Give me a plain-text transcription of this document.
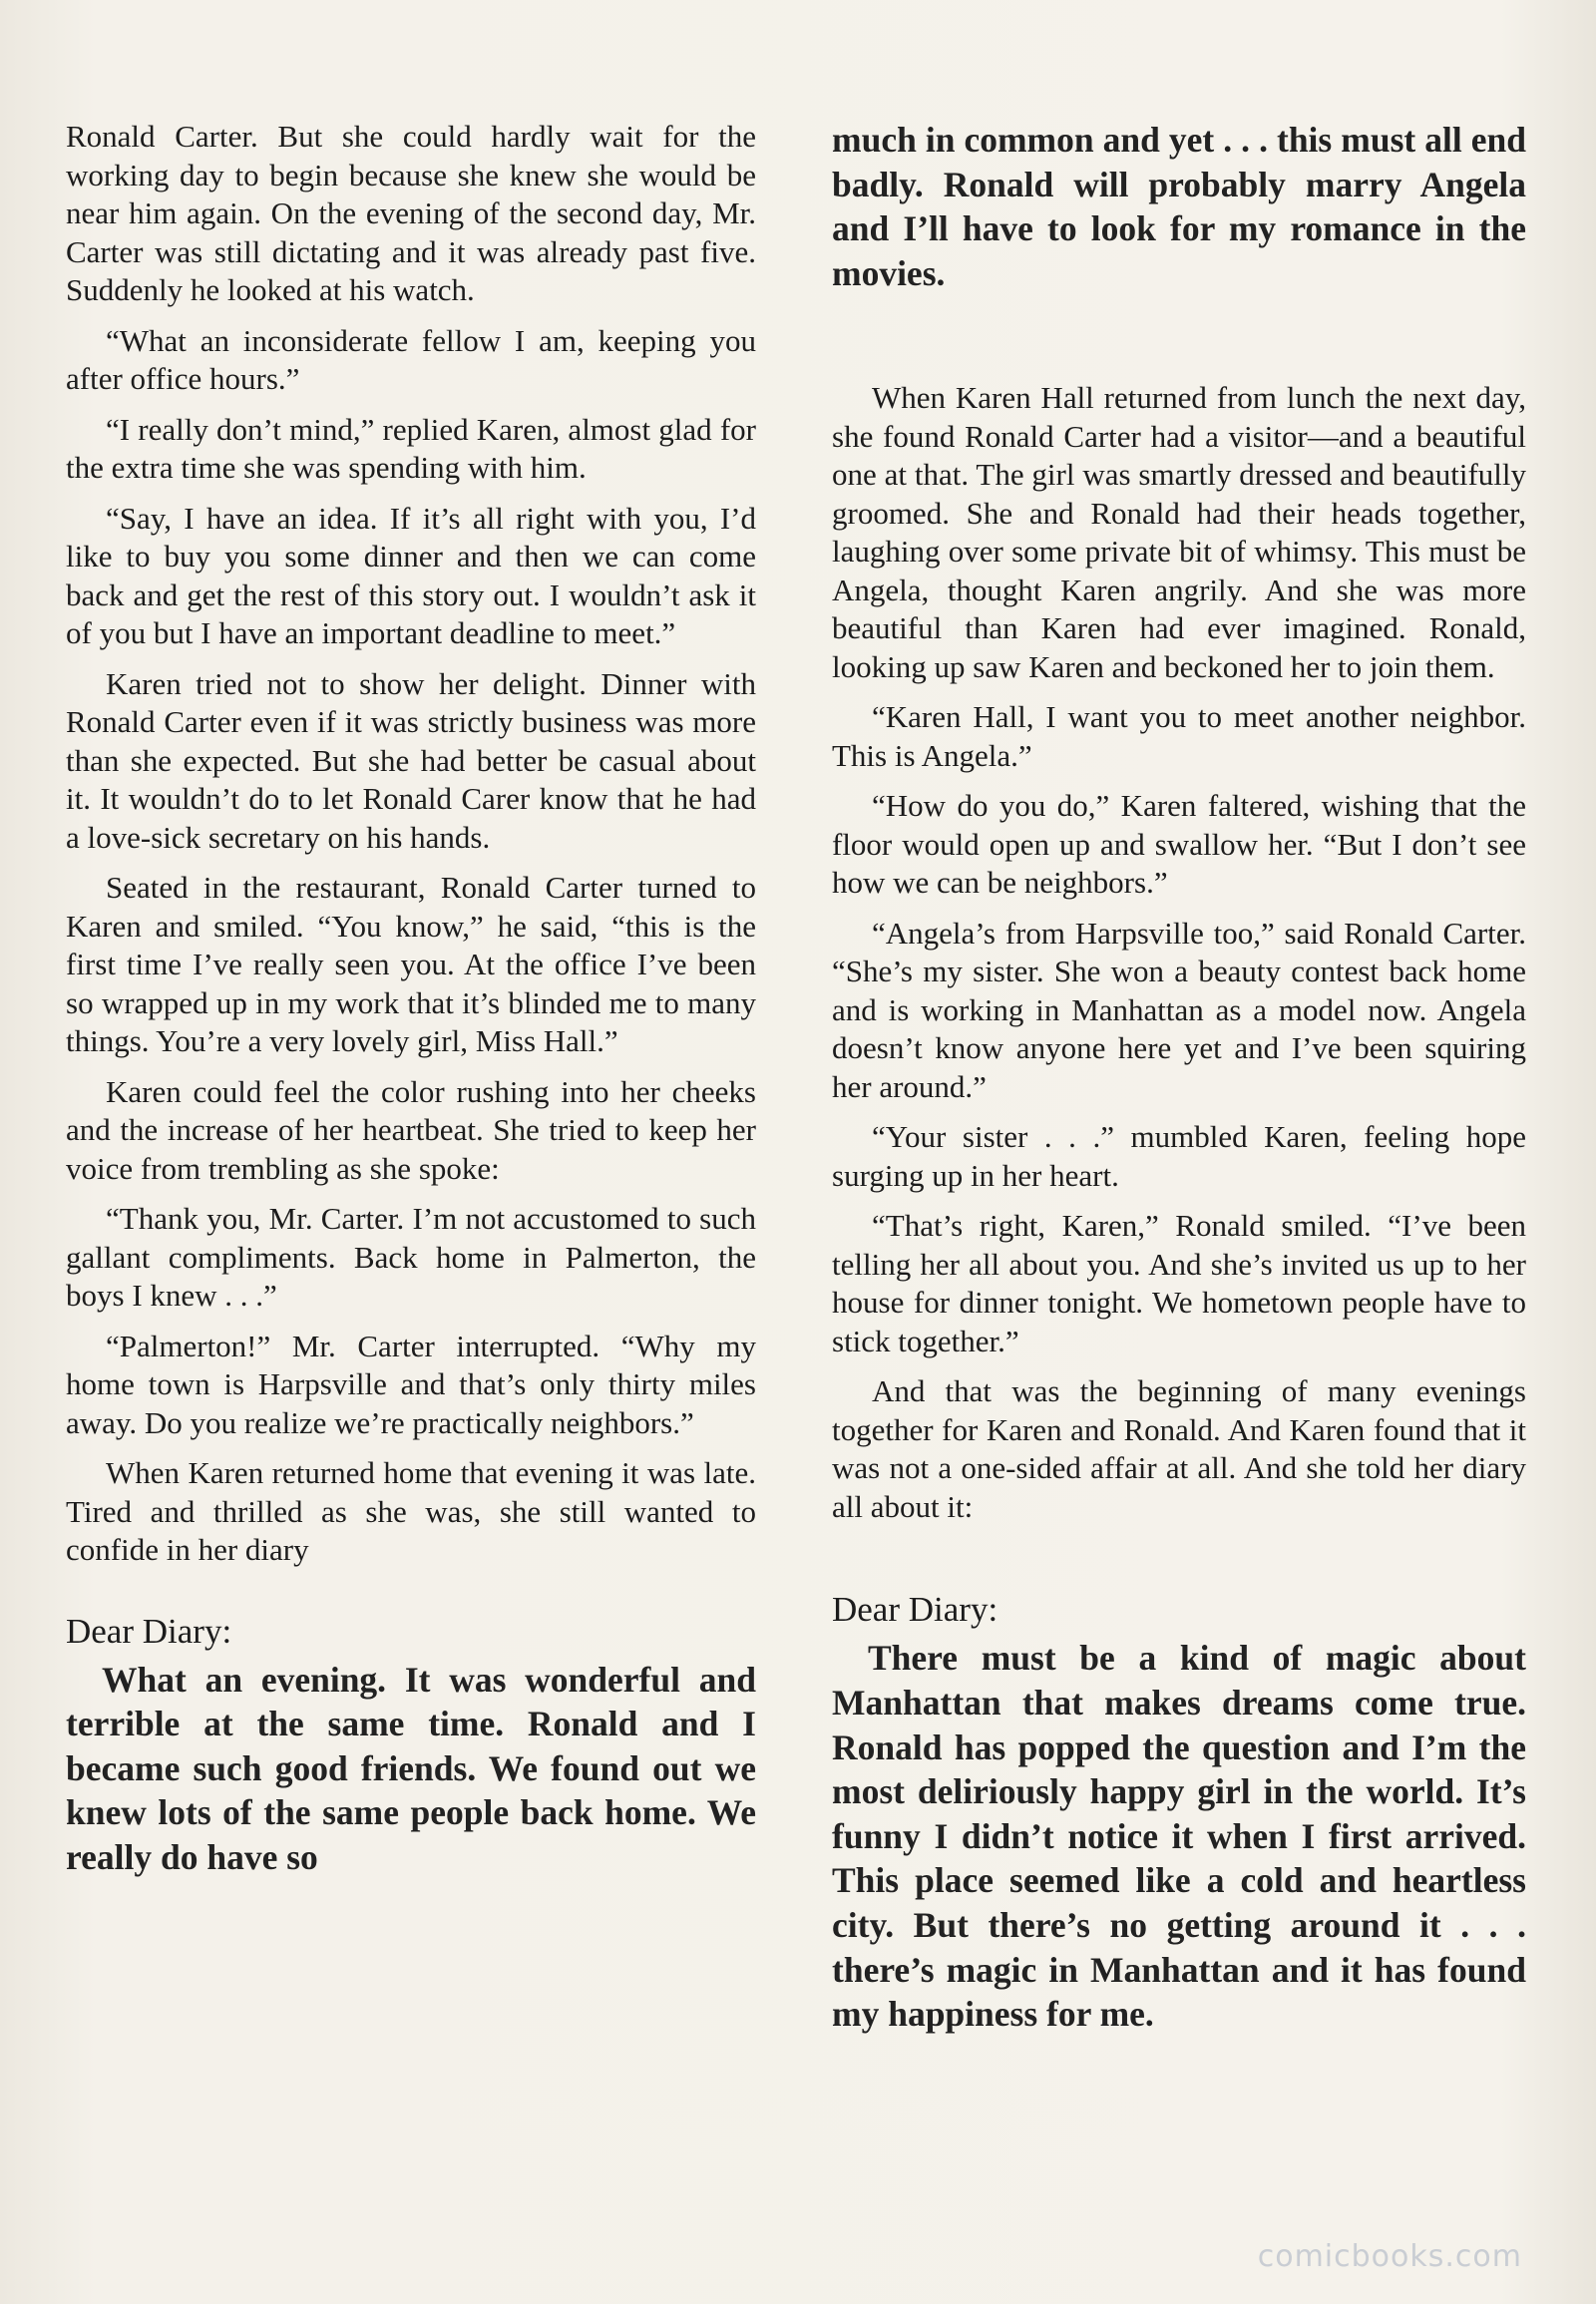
Ronald Carter. But she could hardly wait for the working day to begin because she knew she would be near him again. On the evening of the second day, Mr. Carter was still dictating and it was already past five. Suddenly he looked at his watch.

“What an inconsiderate fellow I am, keeping you after office hours.”

“I really don’t mind,” replied Karen, almost glad for the extra time she was spending with him.

“Say, I have an idea. If it’s all right with you, I’d like to buy you some dinner and then we can come back and get the rest of this story out. I wouldn’t ask it of you but I have an important deadline to meet.”

Karen tried not to show her delight. Dinner with Ronald Carter even if it was strictly business was more than she expected. But she had better be casual about it. It wouldn’t do to let Ronald Carer know that he had a love-sick secretary on his hands.

Seated in the restaurant, Ronald Carter turned to Karen and smiled. “You know,” he said, “this is the first time I’ve really seen you. At the office I’ve been so wrapped up in my work that it’s blinded me to many things. You’re a very lovely girl, Miss Hall.”

Karen could feel the color rushing into her cheeks and the increase of her heartbeat. She tried to keep her voice from trembling as she spoke:

“Thank you, Mr. Carter. I’m not accustomed to such gallant compliments. Back home in Palmerton, the boys I knew . . .”

“Palmerton!” Mr. Carter interrupted. “Why my home town is Harpsville and that’s only thirty miles away. Do you realize we’re practically neighbors.”

When Karen returned home that evening it was late. Tired and thrilled as she was, she still wanted to confide in her diary

Dear Diary:

What an evening. It was wonderful and terrible at the same time. Ronald and I became such good friends. We found out we knew lots of the same people back home. We really do have so

much in common and yet . . . this must all end badly. Ronald will probably marry Angela and I’ll have to look for my romance in the movies.

When Karen Hall returned from lunch the next day, she found Ronald Carter had a visitor—and a beautiful one at that. The girl was smartly dressed and beautifully groomed. She and Ronald had their heads together, laughing over some private bit of whimsy. This must be Angela, thought Karen angrily. And she was more beautiful than Karen had ever imagined. Ronald, looking up saw Karen and beckoned her to join them.

“Karen Hall, I want you to meet another neighbor. This is Angela.”

“How do you do,” Karen faltered, wishing that the floor would open up and swallow her. “But I don’t see how we can be neighbors.”

“Angela’s from Harpsville too,” said Ronald Carter. “She’s my sister. She won a beauty contest back home and is working in Manhattan as a model now. Angela doesn’t know anyone here yet and I’ve been squiring her around.”

“Your sister . . .” mumbled Karen, feeling hope surging up in her heart.

“That’s right, Karen,” Ronald smiled. “I’ve been telling her all about you. And she’s invited us up to her house for dinner tonight. We hometown people have to stick together.”

And that was the beginning of many evenings together for Karen and Ronald. And Karen found that it was not a one-sided affair at all. And she told her diary all about it:

Dear Diary:

There must be a kind of magic about Manhattan that makes dreams come true. Ronald has popped the question and I’m the most deliriously happy girl in the world. It’s funny I didn’t notice it when I first arrived. This place seemed like a cold and heartless city. But there’s no getting around it . . . there’s magic in Manhattan and it has found my happiness for me.

comicbooks.com
